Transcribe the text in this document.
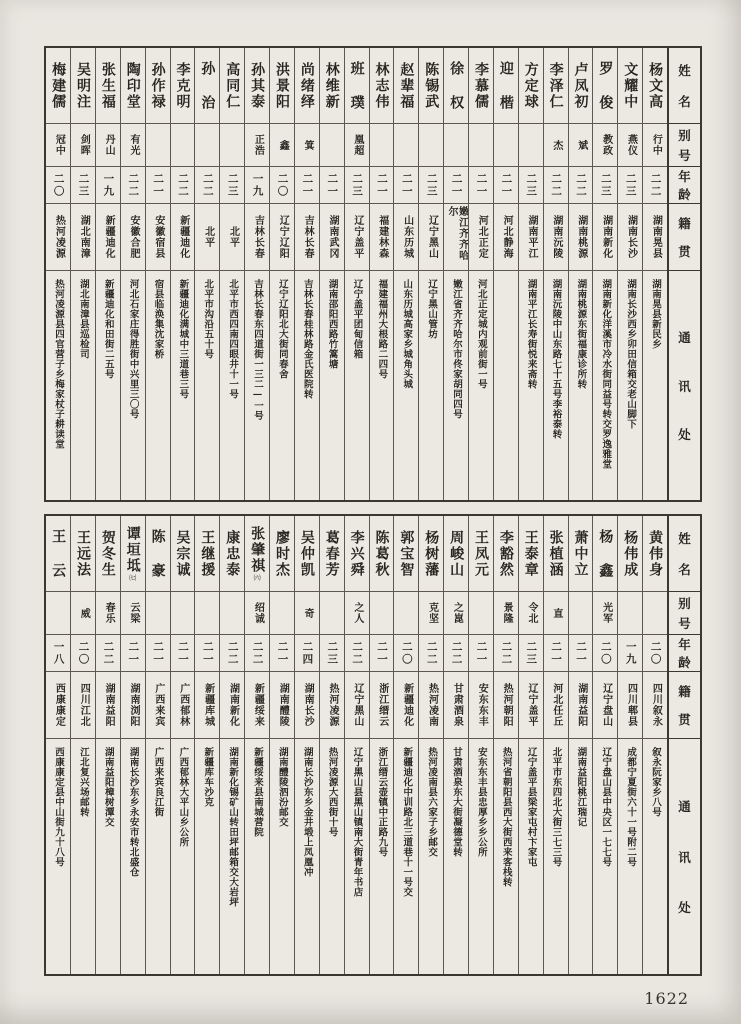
姓
名
别
号
年
龄
籍
贯
通
讯
处
杨文高
行中
二二
湖南晃县
湖南晃县新民乡
文耀中
燕仪
二三
湖南长沙
湖南长沙西乡卯田信箱交老山脚下
罗 俊
教政
二三
湖南新化
湖南新化洋溪市冷水街同益号转交罗逸雅堂
卢凤初
斌
二二
湖南桃源
湖南桃源东街福康诊所转
李泽仁
杰
二二
湖南沅陵
湖南沅陵中山东路七十五号李裕泰转
方定球
二三
湖南平江
湖南平江长寿街悦来斋转
迎 楷
二一
河北静海
李慕儒
二一
河北正定
河北正定城内观前街一号
徐 权
二一
嫩江齐齐哈尔
嫩江省齐齐哈尔市佟家胡同四号
陈锡武
二三
辽宁黑山
辽宁黑山管坊
赵辈福
二一
山东历城
山东历城高家乡城角头城
林志伟
二一
福建林森
福建福州大根路二四号
班 璞
凰超
二三
辽宁盖平
辽宁盖平团甸信箱
林维新
二一
湖南武冈
湖南邵阳西路竹篙塘
尚绪绎
箕
二一
吉林长春
吉林长春桂林路金氏医院转
洪景阳
鑫
二〇
辽宁辽阳
辽宁辽阳北大街同春舍
孙其泰
正浩
一九
吉林长春
吉林长春东四道街一三二—一号
高同仁
二三
北平
北平市西四南四眼井十一号
孙 治
二二
北平
北平市沟沿五十号
李克明
二二
新疆迪化
新疆迪化满城中三道巷三号
孙作禄
二一
安徽宿县
宿县临涣集沈家桥
陶印堂
有光
二二
安徽合肥
河北石家庄得胜街中兴里三〇号
张生福
丹山
一九
新疆迪化
新疆迪化和田街二五号
吴明注
剑晖
二三
湖北南漳
湖北南漳县巡检司
梅建儒
冠中
二〇
热河凌源
热河凌源县四官营子乡梅家杖子耕读堂
姓
名
别
号
年
龄
籍
贯
通
讯
处
黄伟身
二〇
四川叙永
叙永阮家乡八号
杨伟成
一九
四川郫县
成都宁夏街六十一号附二号
杨 鑫
光军
二〇
辽宁盘山
辽宁盘山县中央区一七七号
萧中立
二一
湖南益阳
湖南益阳桃江瑞记
张植涵
直
二一
河北任丘
北平市东四北大街三七三号
王泰章
令北
二三
辽宁盖平
辽宁盖平县梁家屯村卞家屯
李豁然
景隆
二二
热河朝阳
热河省朝阳县西大街西来客栈转
王凤元
二一
安东东丰
安东东丰县忠厚乡乡公所
周峻山
之崑
二二
甘肃酒泉
甘肃酒泉东大街凝德堂转
杨树藩
克坚
二二
热河凌南
热河凌南县六家子乡邮交
郭宝智
二〇
新疆迪化
新疆迪化中训路北三道巷十一号交
陈葛秋
二一
浙江缙云
浙江缙云壶镇中正路九号
李兴舜
之人
二二
辽宁黑山
辽宁黑山县黑山镇南大街青年书店
葛春芳
二三
热河凌源
热河凌源大西街十号
吴仲凯
奇
二四
湖南长沙
湖南长沙东乡金井塅上凤凰冲
廖时杰
二一
湖南醴陵
湖南醴陵泗汾邮交
张肇祺㈥
绍诚
二二
新疆绥来
新疆绥来县南城营院
康忠泰
二二
湖南新化
湖南新化锡矿山转田坪邮箱交大岩坪
王继援
二一
新疆库城
新疆库车沙克
吴宗诚
二一
广西郁林
广西郁林大平山乡公所
陈 豪
二一
广西来宾
广西来宾良江街
谭垣坻㈦
云梁
二一
湖南浏阳
湖南长沙东乡永安市转北盛仓
贺冬生
春乐
二二
湖南益阳
湖南益阳樟树潭交
王远法
威
二〇
四川江北
江北复兴场邮转
王 云
一八
西康康定
西康康定县中山街九十八号
1622
